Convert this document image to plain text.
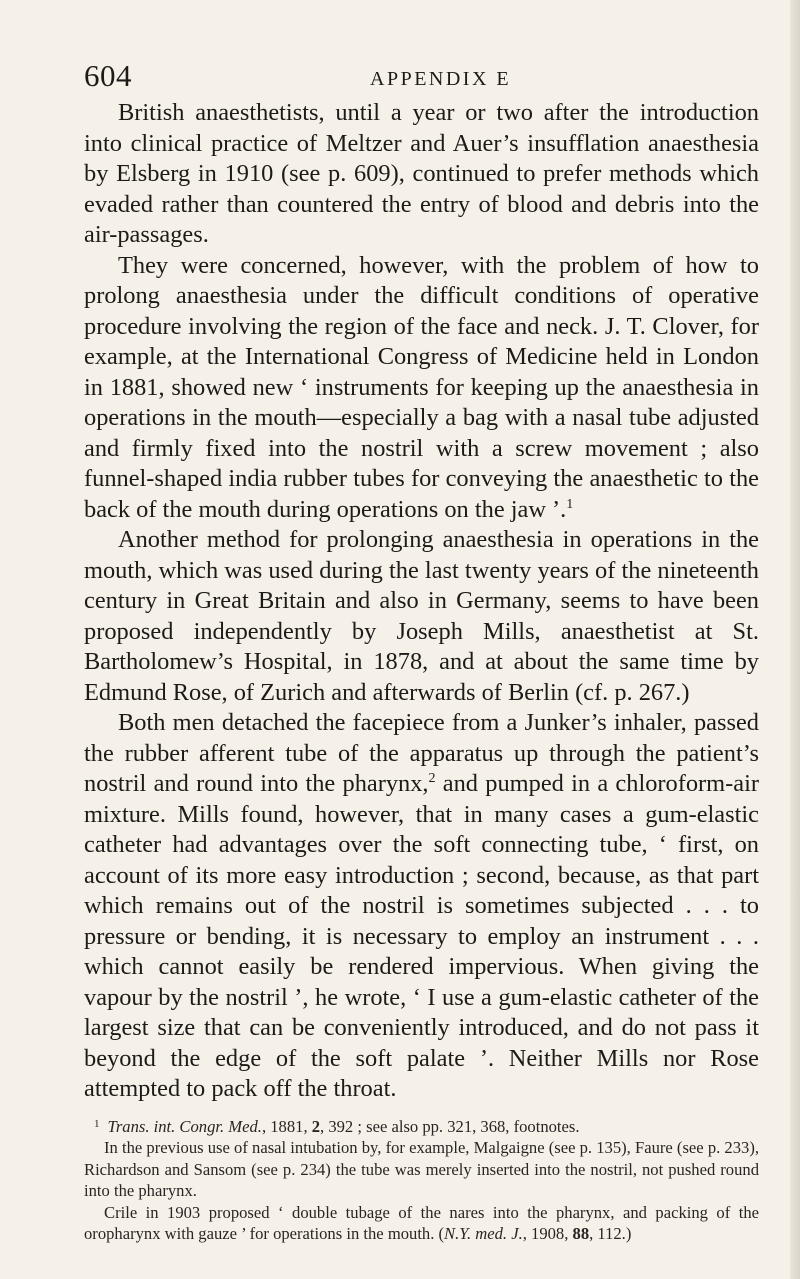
604	APPENDIX E

British anaesthetists, until a year or two after the introduction into clinical practice of Meltzer and Auer’s insufflation anaesthesia by Elsberg in 1910 (see p. 609), continued to prefer methods which evaded rather than countered the entry of blood and debris into the air-passages.

They were concerned, however, with the problem of how to prolong anaesthesia under the difficult conditions of operative procedure involving the region of the face and neck. J. T. Clover, for example, at the International Congress of Medicine held in London in 1881, showed new ‘ instruments for keeping up the anaesthesia in operations in the mouth—especially a bag with a nasal tube adjusted and firmly fixed into the nostril with a screw movement ; also funnel-shaped india rubber tubes for conveying the anaesthetic to the back of the mouth during operations on the jaw ’.$^1$

Another method for prolonging anaesthesia in operations in the mouth, which was used during the last twenty years of the nineteenth century in Great Britain and also in Germany, seems to have been proposed independently by Joseph Mills, anaesthetist at St. Bartholomew’s Hospital, in 1878, and at about the same time by Edmund Rose, of Zurich and afterwards of Berlin (cf. p. 267.)

Both men detached the facepiece from a Junker’s inhaler, passed the rubber afferent tube of the apparatus up through the patient’s nostril and round into the pharynx,$^2$ and pumped in a chloroform-air mixture. Mills found, however, that in many cases a gum-elastic catheter had advantages over the soft connecting tube, ‘ first, on account of its more easy introduction ; second, because, as that part which remains out of the nostril is sometimes subjected . . . to pressure or bending, it is necessary to employ an instrument . . . which cannot easily be rendered impervious. When giving the vapour by the nostril ’, he wrote, ‘ I use a gum-elastic catheter of the largest size that can be conveniently introduced, and do not pass it beyond the edge of the soft palate ’. Neither Mills nor Rose attempted to pack off the throat.

$^1$ Trans. int. Congr. Med., 1881, 2, 392 ; see also pp. 321, 368, footnotes.

In the previous use of nasal intubation by, for example, Malgaigne (see p. 135), Faure (see p. 233), Richardson and Sansom (see p. 234) the tube was merely inserted into the nostril, not pushed round into the pharynx.

Crile in 1903 proposed ‘ double tubage of the nares into the pharynx, and packing of the oropharynx with gauze ’ for operations in the mouth. (N.Y. med. J., 1908, 88, 112.)
